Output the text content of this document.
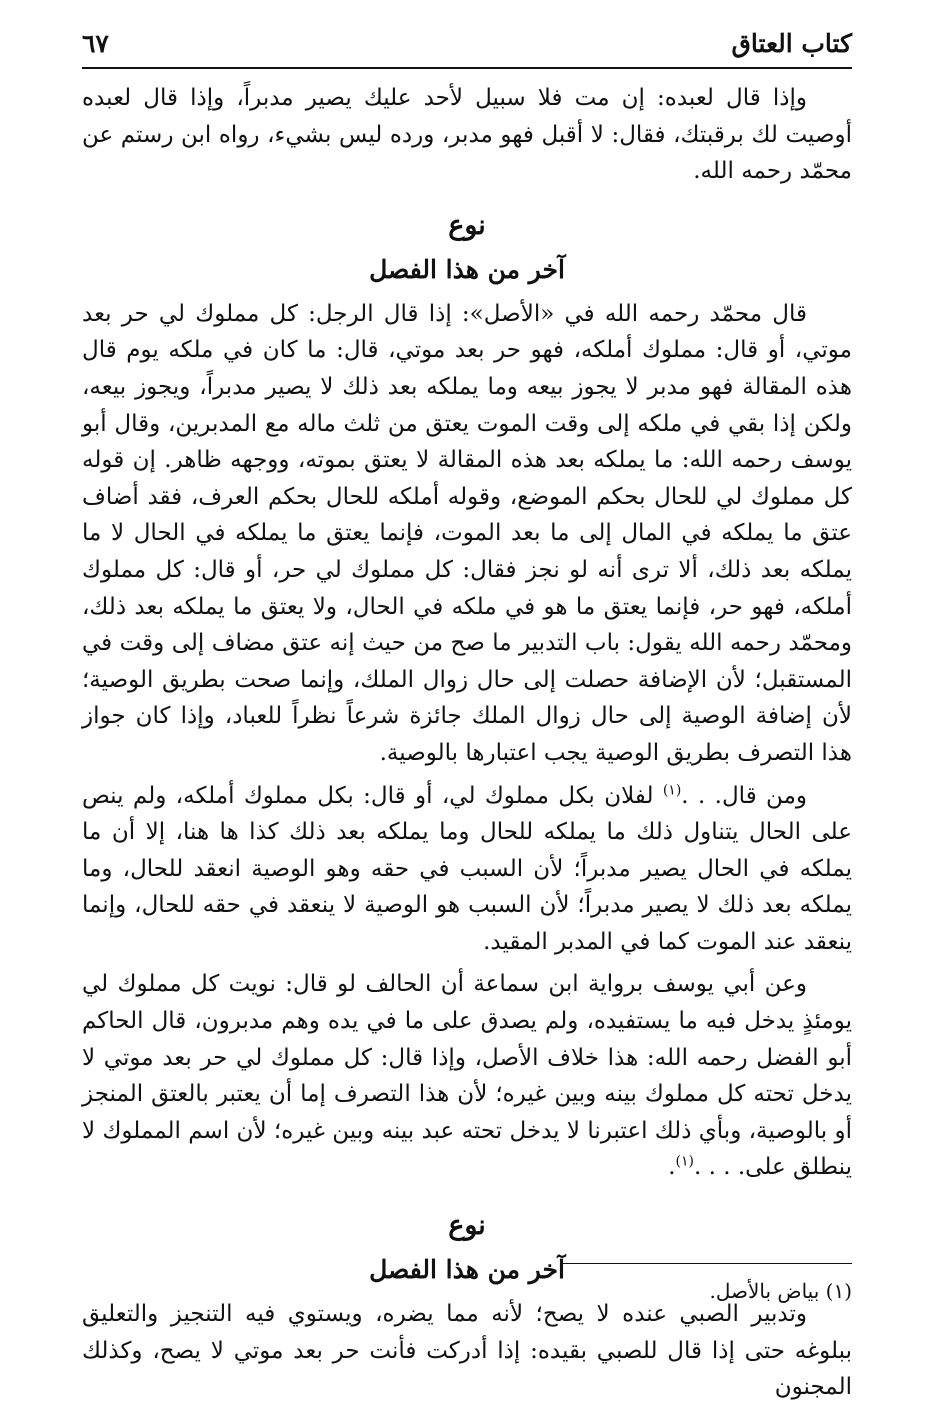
كتاب العتاق
٦٧

وإذا قال لعبده: إن مت فلا سبيل لأحد عليك يصير مدبراً، وإذا قال لعبده أوصيت لك برقبتك، فقال: لا أقبل فهو مدبر، ورده ليس بشيء، رواه ابن رستم عن محمّد رحمه الله.

نوع
آخر من هذا الفصل

قال محمّد رحمه الله في «الأصل»: إذا قال الرجل: كل مملوك لي حر بعد موتي، أو قال: مملوك أملكه، فهو حر بعد موتي، قال: ما كان في ملكه يوم قال هذه المقالة فهو مدبر لا يجوز بيعه وما يملكه بعد ذلك لا يصير مدبراً، ويجوز بيعه، ولكن إذا بقي في ملكه إلى وقت الموت يعتق من ثلث ماله مع المدبرين، وقال أبو يوسف رحمه الله: ما يملكه بعد هذه المقالة لا يعتق بموته، ووجهه ظاهر. إن قوله كل مملوك لي للحال بحكم الموضع، وقوله أملكه للحال بحكم العرف، فقد أضاف عتق ما يملكه في المال إلى ما بعد الموت، فإنما يعتق ما يملكه في الحال لا ما يملكه بعد ذلك، ألا ترى أنه لو نجز فقال: كل مملوك لي حر، أو قال: كل مملوك أملكه، فهو حر، فإنما يعتق ما هو في ملكه في الحال، ولا يعتق ما يملكه بعد ذلك، ومحمّد رحمه الله يقول: باب التدبير ما صح من حيث إنه عتق مضاف إلى وقت في المستقبل؛ لأن الإضافة حصلت إلى حال زوال الملك، وإنما صحت بطريق الوصية؛ لأن إضافة الوصية إلى حال زوال الملك جائزة شرعاً نظراً للعباد، وإذا كان جواز هذا التصرف بطريق الوصية يجب اعتبارها بالوصية.

ومن قال. . .$^{(١)}$ لفلان بكل مملوك لي، أو قال: بكل مملوك أملكه، ولم ينص على الحال يتناول ذلك ما يملكه للحال وما يملكه بعد ذلك كذا ها هنا، إلا أن ما يملكه في الحال يصير مدبراً؛ لأن السبب في حقه وهو الوصية انعقد للحال، وما يملكه بعد ذلك لا يصير مدبراً؛ لأن السبب هو الوصية لا ينعقد في حقه للحال، وإنما ينعقد عند الموت كما في المدبر المقيد.

وعن أبي يوسف برواية ابن سماعة أن الحالف لو قال: نويت كل مملوك لي يومئذٍ يدخل فيه ما يستفيده، ولم يصدق على ما في يده وهم مدبرون، قال الحاكم أبو الفضل رحمه الله: هذا خلاف الأصل، وإذا قال: كل مملوك لي حر بعد موتي لا يدخل تحته كل مملوك بينه وبين غيره؛ لأن هذا التصرف إما أن يعتبر بالعتق المنجز أو بالوصية، وبأي ذلك اعتبرنا لا يدخل تحته عبد بينه وبين غيره؛ لأن اسم المملوك لا ينطلق على. . . .$^{(١)}$.

نوع
آخر من هذا الفصل

وتدبير الصبي عنده لا يصح؛ لأنه مما يضره، ويستوي فيه التنجيز والتعليق ببلوغه حتى إذا قال للصبي بقيده: إذا أدركت فأنت حر بعد موتي لا يصح، وكذلك المجنون

(١) بياض بالأصل.
